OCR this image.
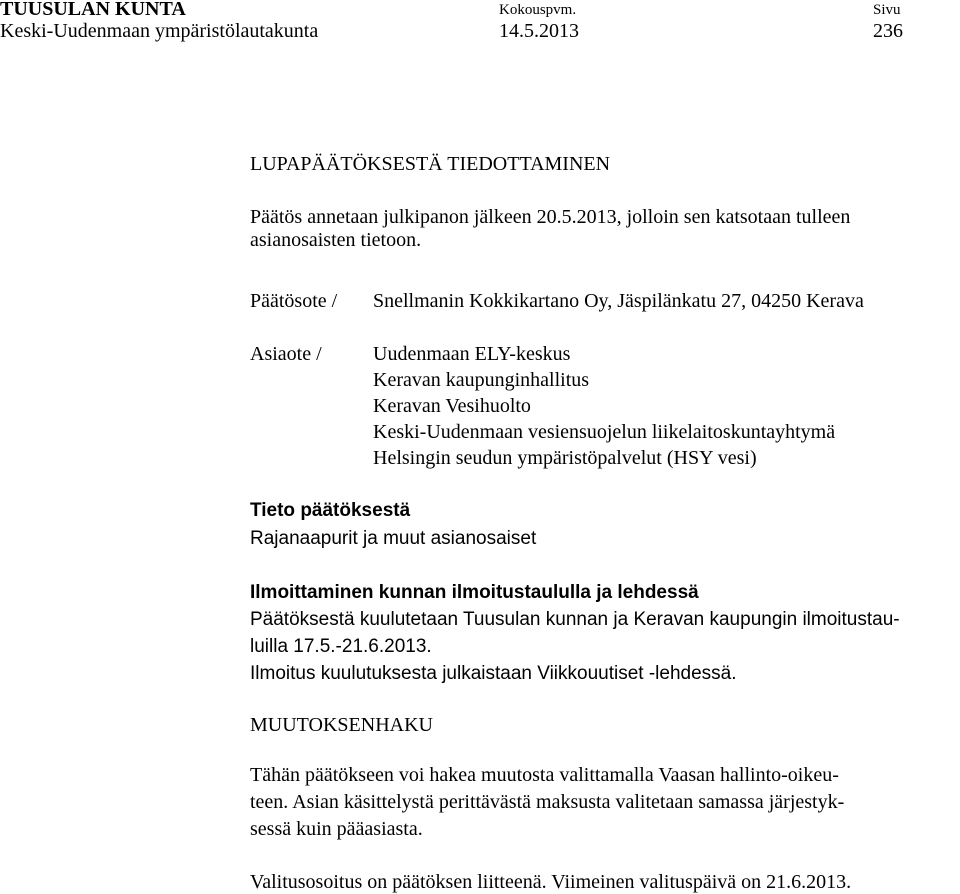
TUUSULAN KUNTA
Keski-Uudenmaan ympäristölautakunta
Kokouspvm.
14.5.2013
Sivu
236
LUPAPÄÄTÖKSESTÄ TIEDOTTAMINEN
Päätös annetaan julkipanon jälkeen 20.5.2013, jolloin sen katsotaan tulleen
asianosaisten tietoon.
Päätösote / Snellmanin Kokkikartano Oy, Jäspilänkatu 27, 04250 Kerava
Asiaote /	Uudenmaan ELY-keskus
Keravan kaupunginhallitus
Keravan Vesihuolto
Keski-Uudenmaan vesiensuojelun liikelaitoskuntayhtymä
Helsingin seudun ympäristöpalvelut (HSY vesi)
Tieto päätöksestä
Rajanaapurit ja muut asianosaiset
Ilmoittaminen kunnan ilmoitustaululla ja lehdessä
Päätöksestä kuulutetaan Tuusulan kunnan ja Keravan kaupungin ilmoitustau-
luilla 17.5.-21.6.2013.
Ilmoitus kuulutuksesta julkaistaan Viikkouutiset -lehdessä.
MUUTOKSENHAKU
Tähän päätökseen voi hakea muutosta valittamalla Vaasan hallinto-oikeu-
teen. Asian käsittelystä perittävästä maksusta valitetaan samassa järjestyk-
sessä kuin pääasiasta.
Valitusosoitus on päätöksen liitteenä. Viimeinen valituspäivä on 21.6.2013.
